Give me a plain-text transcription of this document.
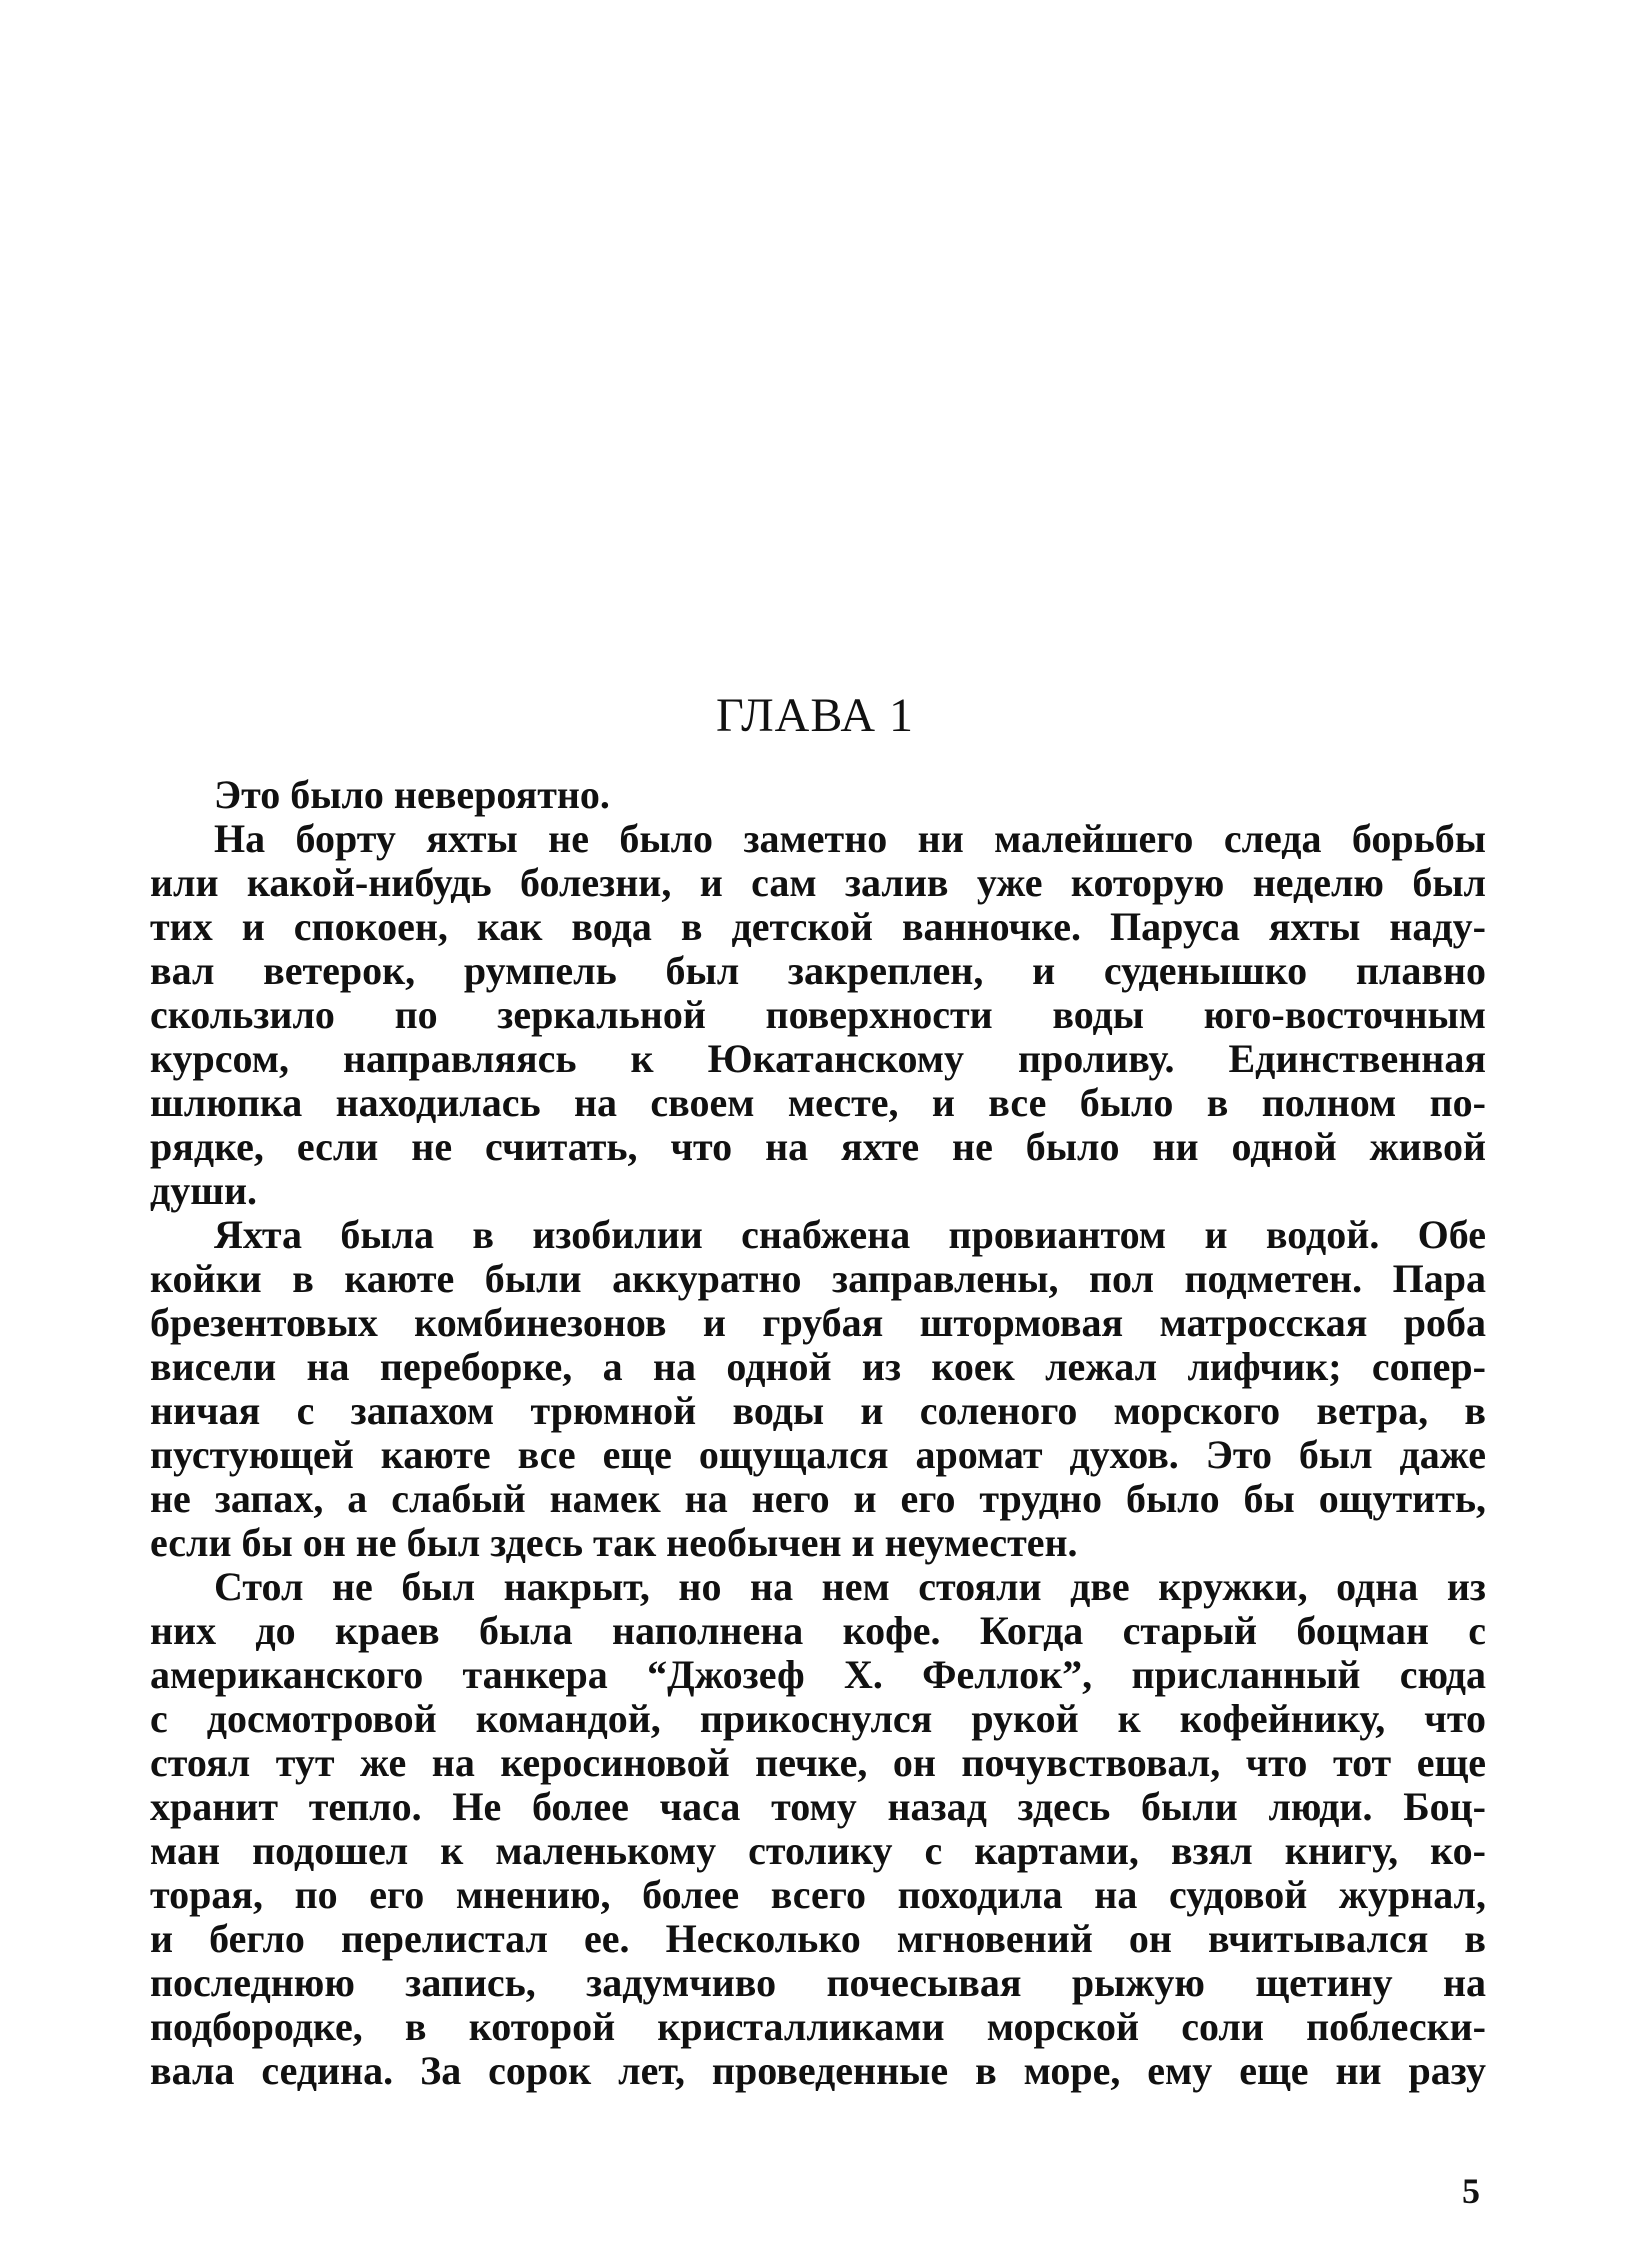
ГЛАВА 1
Это было невероятно.
На борту яхты не было заметно ни малейшего следа борьбы
или какой-нибудь болезни, и сам залив уже которую неделю был
тих и спокоен, как вода в детской ванночке. Паруса яхты наду-
вал ветерок, румпель был закреплен, и суденышко плавно
скользило по зеркальной поверхности воды юго-восточным
курсом, направляясь к Юкатанскому проливу. Единственная
шлюпка находилась на своем месте, и все было в полном по-
рядке, если не считать, что на яхте не было ни одной живой
души.
Яхта была в изобилии снабжена провиантом и водой. Обе
койки в каюте были аккуратно заправлены, пол подметен. Пара
брезентовых комбинезонов и грубая штормовая матросская роба
висели на переборке, а на одной из коек лежал лифчик; сопер-
ничая с запахом трюмной воды и соленого морского ветра, в
пустующей каюте все еще ощущался аромат духов. Это был даже
не запах, а слабый намек на него и его трудно было бы ощутить,
если бы он не был здесь так необычен и неуместен.
Стол не был накрыт, но на нем стояли две кружки, одна из
них до краев была наполнена кофе. Когда старый боцман с
американского танкера “Джозеф Х. Феллок”, присланный сюда
с досмотровой командой, прикоснулся рукой к кофейнику, что
стоял тут же на керосиновой печке, он почувствовал, что тот еще
хранит тепло. Не более часа тому назад здесь были люди. Боц-
ман подошел к маленькому столику с картами, взял книгу, ко-
торая, по его мнению, более всего походила на судовой журнал,
и бегло перелистал ее. Несколько мгновений он вчитывался в
последнюю запись, задумчиво почесывая рыжую щетину на
подбородке, в которой кристалликами морской соли поблески-
вала седина. За сорок лет, проведенные в море, ему еще ни разу
5
